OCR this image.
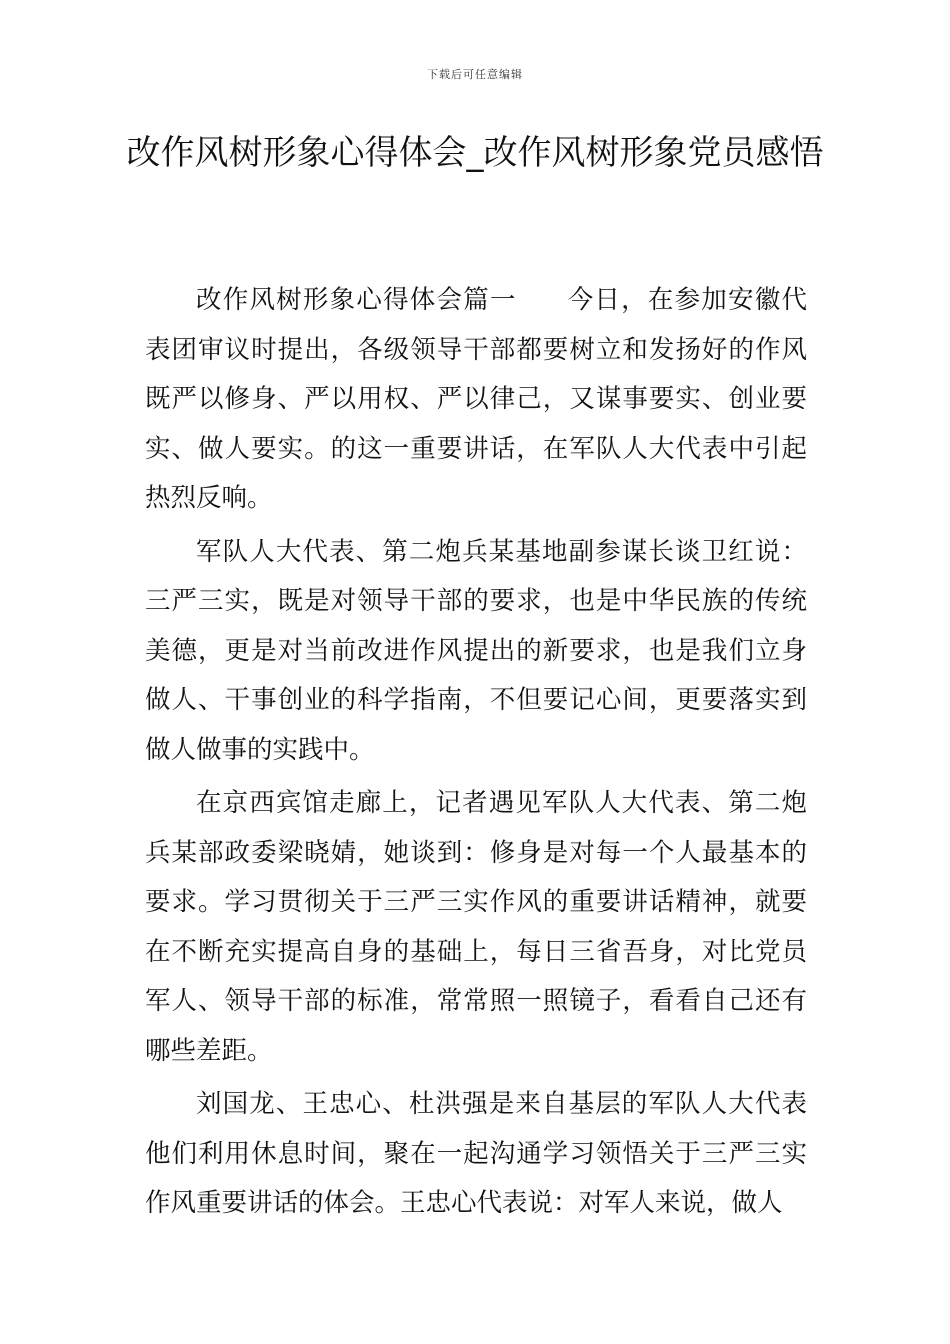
下载后可任意编辑
改作风树形象心得体会_改作风树形象党员感悟

改作风树形象心得体会篇一 今日，在参加安徽代表团审议时提出，各级领导干部都要树立和发扬好的作风既严以修身、严以用权、严以律己，又谋事要实、创业要实、做人要实。的这一重要讲话，在军队人大代表中引起热烈反响。

军队人大代表、第二炮兵某基地副参谋长谈卫红说：三严三实，既是对领导干部的要求，也是中华民族的传统美德，更是对当前改进作风提出的新要求，也是我们立身做人、干事创业的科学指南，不但要记心间，更要落实到做人做事的实践中。

在京西宾馆走廊上，记者遇见军队人大代表、第二炮兵某部政委梁晓婧，她谈到：修身是对每一个人最基本的要求。学习贯彻关于三严三实作风的重要讲话精神，就要在不断充实提高自身的基础上，每日三省吾身，对比党员军人、领导干部的标准，常常照一照镜子，看看自己还有哪些差距。

刘国龙、王忠心、杜洪强是来自基层的军队人大代表他们利用休息时间，聚在一起沟通学习领悟关于三严三实作风重要讲话的体会。王忠心代表说：对军人来说，做人
